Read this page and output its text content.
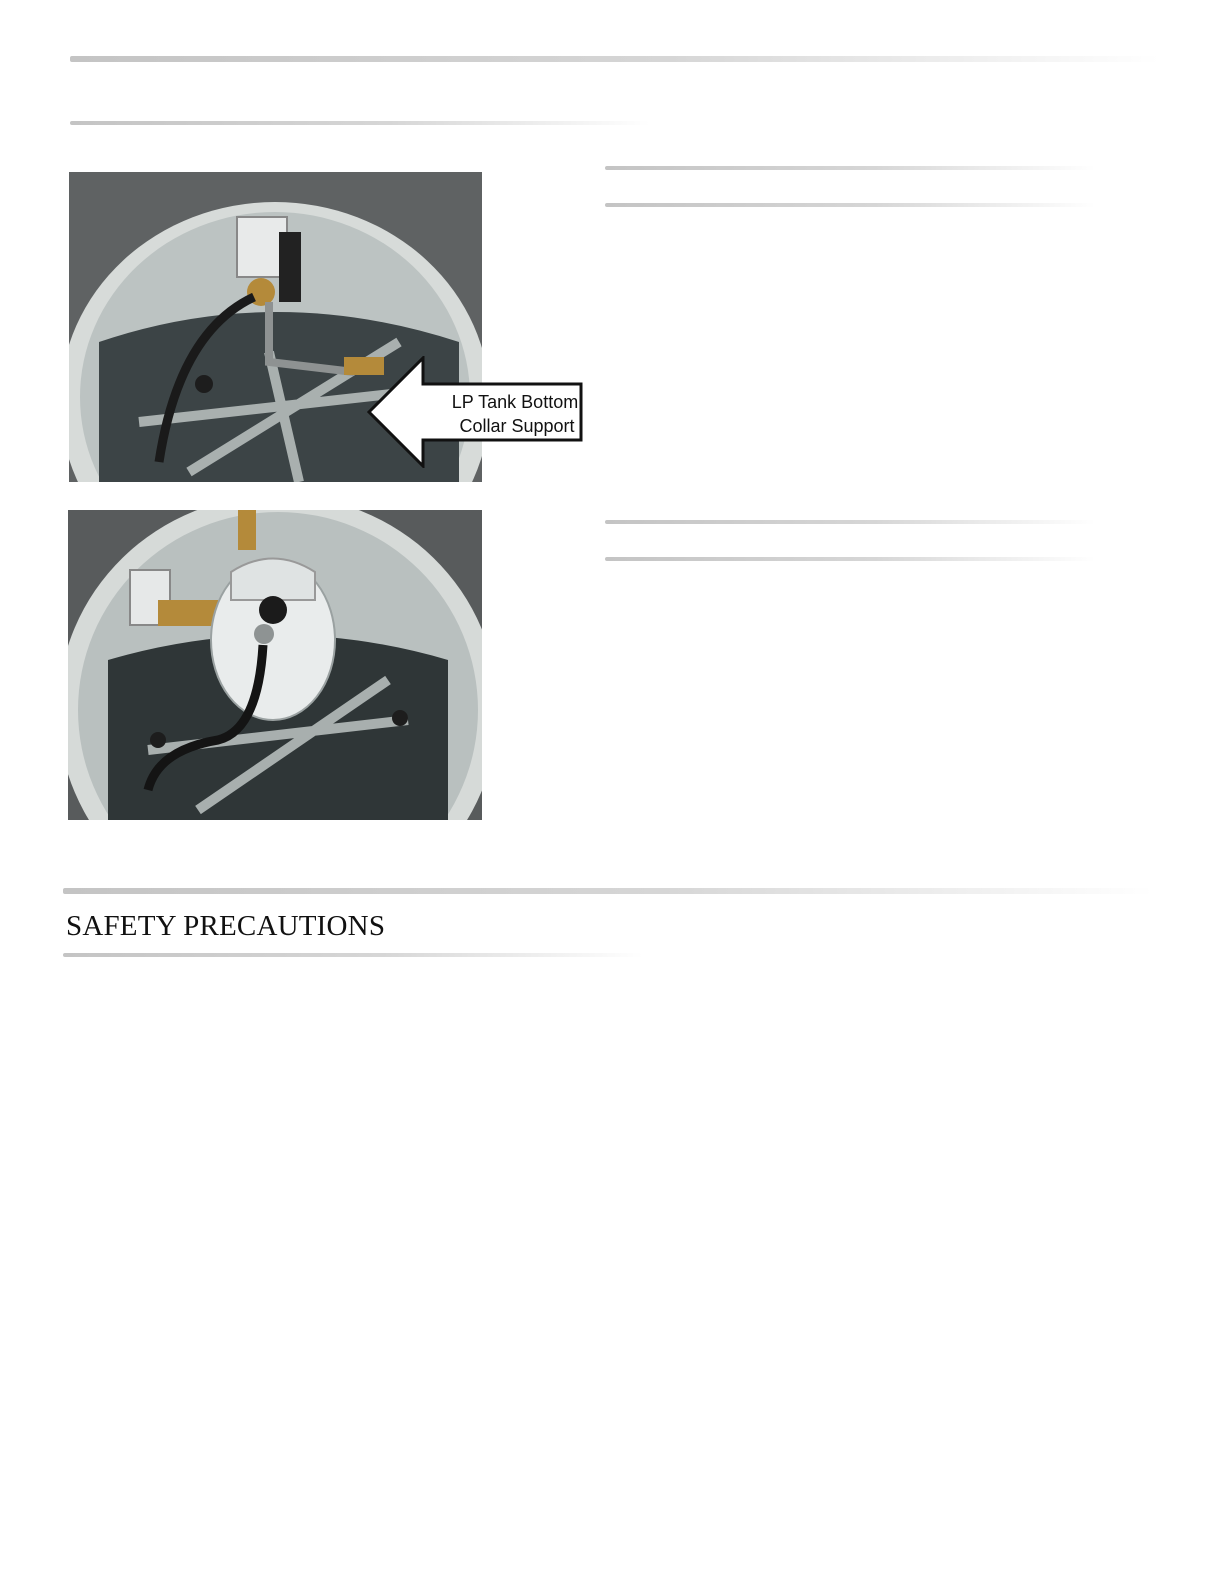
LP Tank Bottom
Collar Support
SAFETY PRECAUTIONS
